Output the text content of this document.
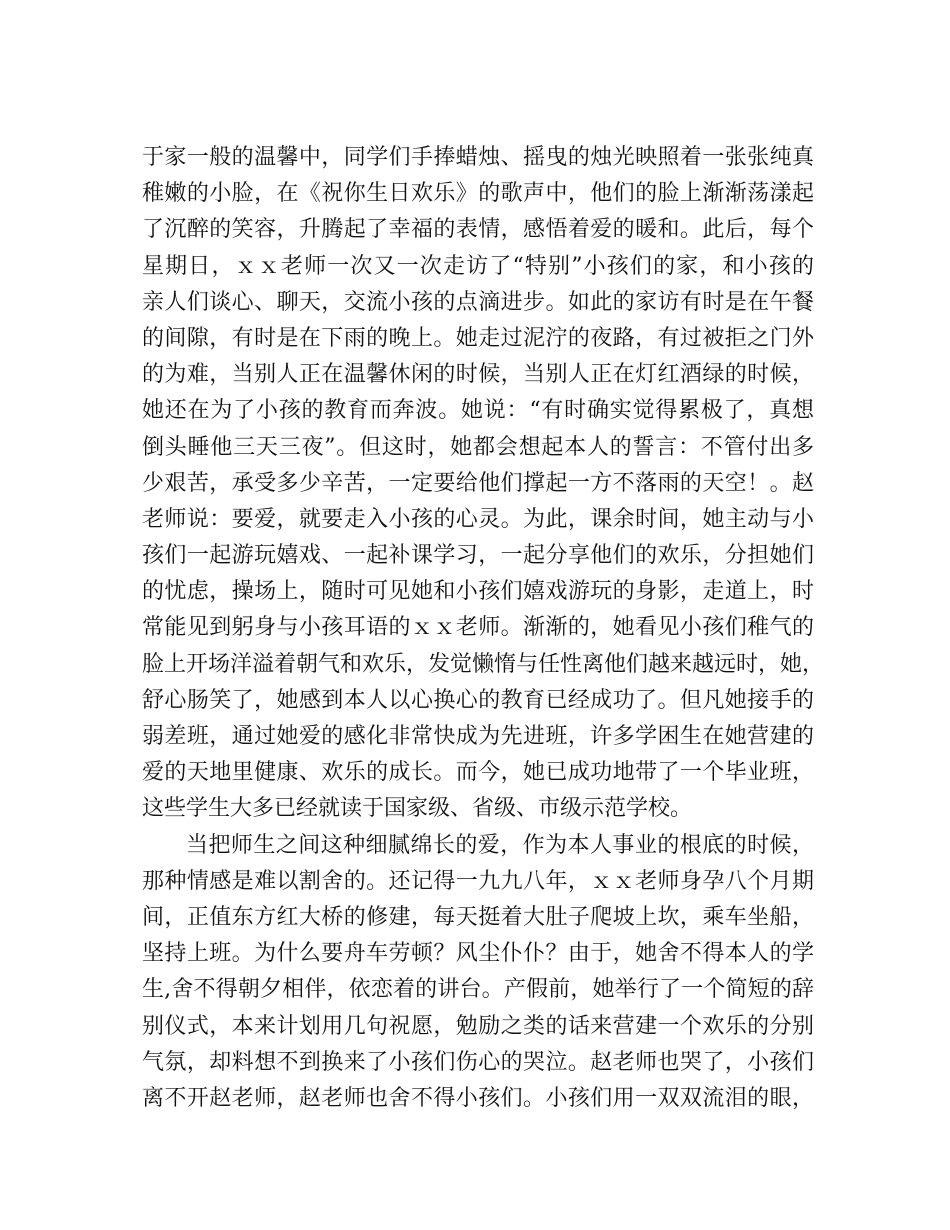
于家一般的温馨中，同学们手捧蜡烛、摇曳的烛光映照着一张张纯真
稚嫩的小脸，在《祝你生日欢乐》的歌声中，他们的脸上渐渐荡漾起
了沉醉的笑容，升腾起了幸福的表情，感悟着爱的暖和。此后，每个
星期日，ｘｘ老师一次又一次走访了“特别”小孩们的家，和小孩的
亲人们谈心、聊天，交流小孩的点滴进步。如此的家访有时是在午餐
的间隙，有时是在下雨的晚上。她走过泥泞的夜路，有过被拒之门外
的为难，当别人正在温馨休闲的时候，当别人正在灯红酒绿的时候，
她还在为了小孩的教育而奔波。她说：“有时确实觉得累极了，真想
倒头睡他三天三夜”。但这时，她都会想起本人的誓言：不管付出多
少艰苦，承受多少辛苦，一定要给他们撑起一方不落雨的天空！。赵
老师说：要爱，就要走入小孩的心灵。为此，课余时间，她主动与小
孩们一起游玩嬉戏、一起补课学习，一起分享他们的欢乐，分担她们
的忧虑，操场上，随时可见她和小孩们嬉戏游玩的身影，走道上，时
常能见到躬身与小孩耳语的ｘｘ老师。渐渐的，她看见小孩们稚气的
脸上开场洋溢着朝气和欢乐，发觉懒惰与任性离他们越来越远时，她，
舒心肠笑了，她感到本人以心换心的教育已经成功了。但凡她接手的
弱差班，通过她爱的感化非常快成为先进班，许多学困生在她营建的
爱的天地里健康、欢乐的成长。而今，她已成功地带了一个毕业班，
这些学生大多已经就读于国家级、省级、市级示范学校。
当把师生之间这种细腻绵长的爱，作为本人事业的根底的时候，
那种情感是难以割舍的。还记得一九九八年，ｘｘ老师身孕八个月期
间，正值东方红大桥的修建，每天挺着大肚子爬坡上坎，乘车坐船，
坚持上班。为什么要舟车劳顿？风尘仆仆？由于，她舍不得本人的学
生,舍不得朝夕相伴，依恋着的讲台。产假前，她举行了一个简短的辞
别仪式，本来计划用几句祝愿，勉励之类的话来营建一个欢乐的分别
气氛，却料想不到换来了小孩们伤心的哭泣。赵老师也哭了，小孩们
离不开赵老师，赵老师也舍不得小孩们。小孩们用一双双流泪的眼，
